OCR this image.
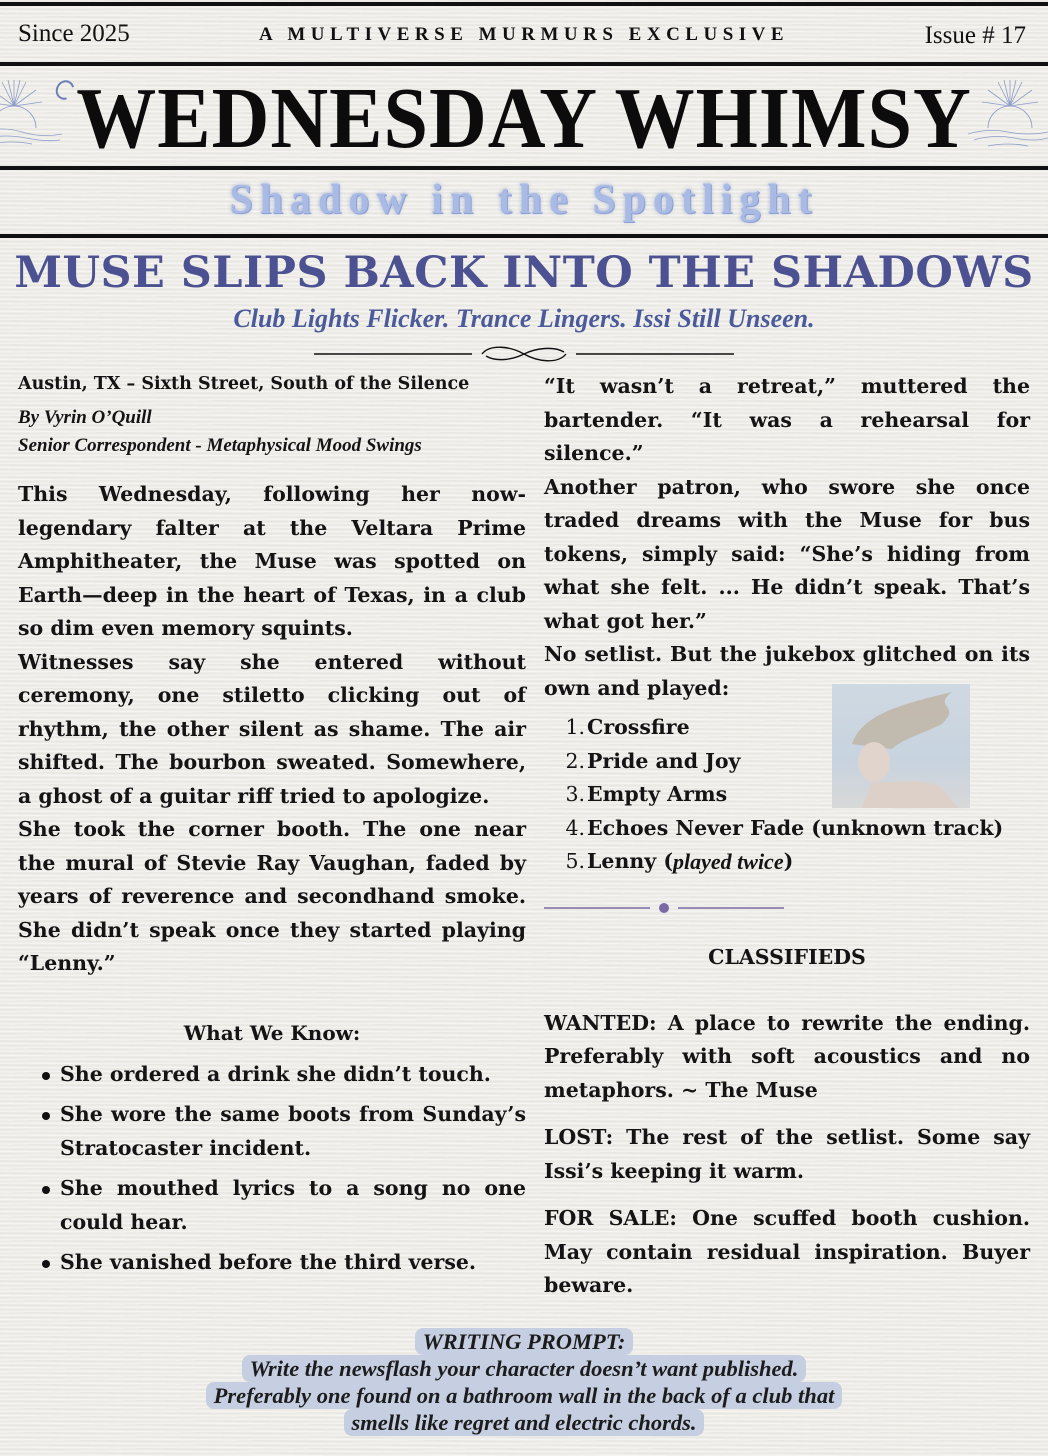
Since 2025	A MULTIVERSE MURMURS EXCLUSIVE	Issue # 17
WEDNESDAY WHIMSY
Shadow in the Spotlight
MUSE SLIPS BACK INTO THE SHADOWS
Club Lights Flicker. Trance Lingers. Issi Still Unseen.
Austin, TX – Sixth Street, South of the Silence
By Vyrin O’Quill
Senior Correspondent - Metaphysical Mood Swings

This Wednesday, following her now-legendary falter at the Veltara Prime Amphitheater, the Muse was spotted on Earth—deep in the heart of Texas, in a club so dim even memory squints.

Witnesses say she entered without ceremony, one stiletto clicking out of rhythm, the other silent as shame. The air shifted. The bourbon sweated. Somewhere, a ghost of a guitar riff tried to apologize.

She took the corner booth. The one near the mural of Stevie Ray Vaughan, faded by years of reverence and secondhand smoke. She didn’t speak once they started playing “Lenny.”

What We Know:
She ordered a drink she didn’t touch.
She wore the same boots from Sunday’s Stratocaster incident.
She mouthed lyrics to a song no one could hear.
She vanished before the third verse.

“It wasn’t a retreat,” muttered the bartender. “It was a rehearsal for silence.”

Another patron, who swore she once traded dreams with the Muse for bus tokens, simply said: “She’s hiding from what she felt. ... He didn’t speak. That’s what got her.”

No setlist. But the jukebox glitched on its own and played:

1. Crossfire
2. Pride and Joy
3. Empty Arms
4. Echoes Never Fade (unknown track)
5. Lenny ( played twice )
CLASSIFIEDS

WANTED: A place to rewrite the ending. Preferably with soft acoustics and no metaphors. ~ The Muse

LOST: The rest of the setlist. Some say Issi’s keeping it warm.

FOR SALE: One scuffed booth cushion. May contain residual inspiration. Buyer beware.

WRITING PROMPT:
Write the newsflash your character doesn’t want published.
Preferably one found on a bathroom wall in the back of a club that
smells like regret and electric chords.
